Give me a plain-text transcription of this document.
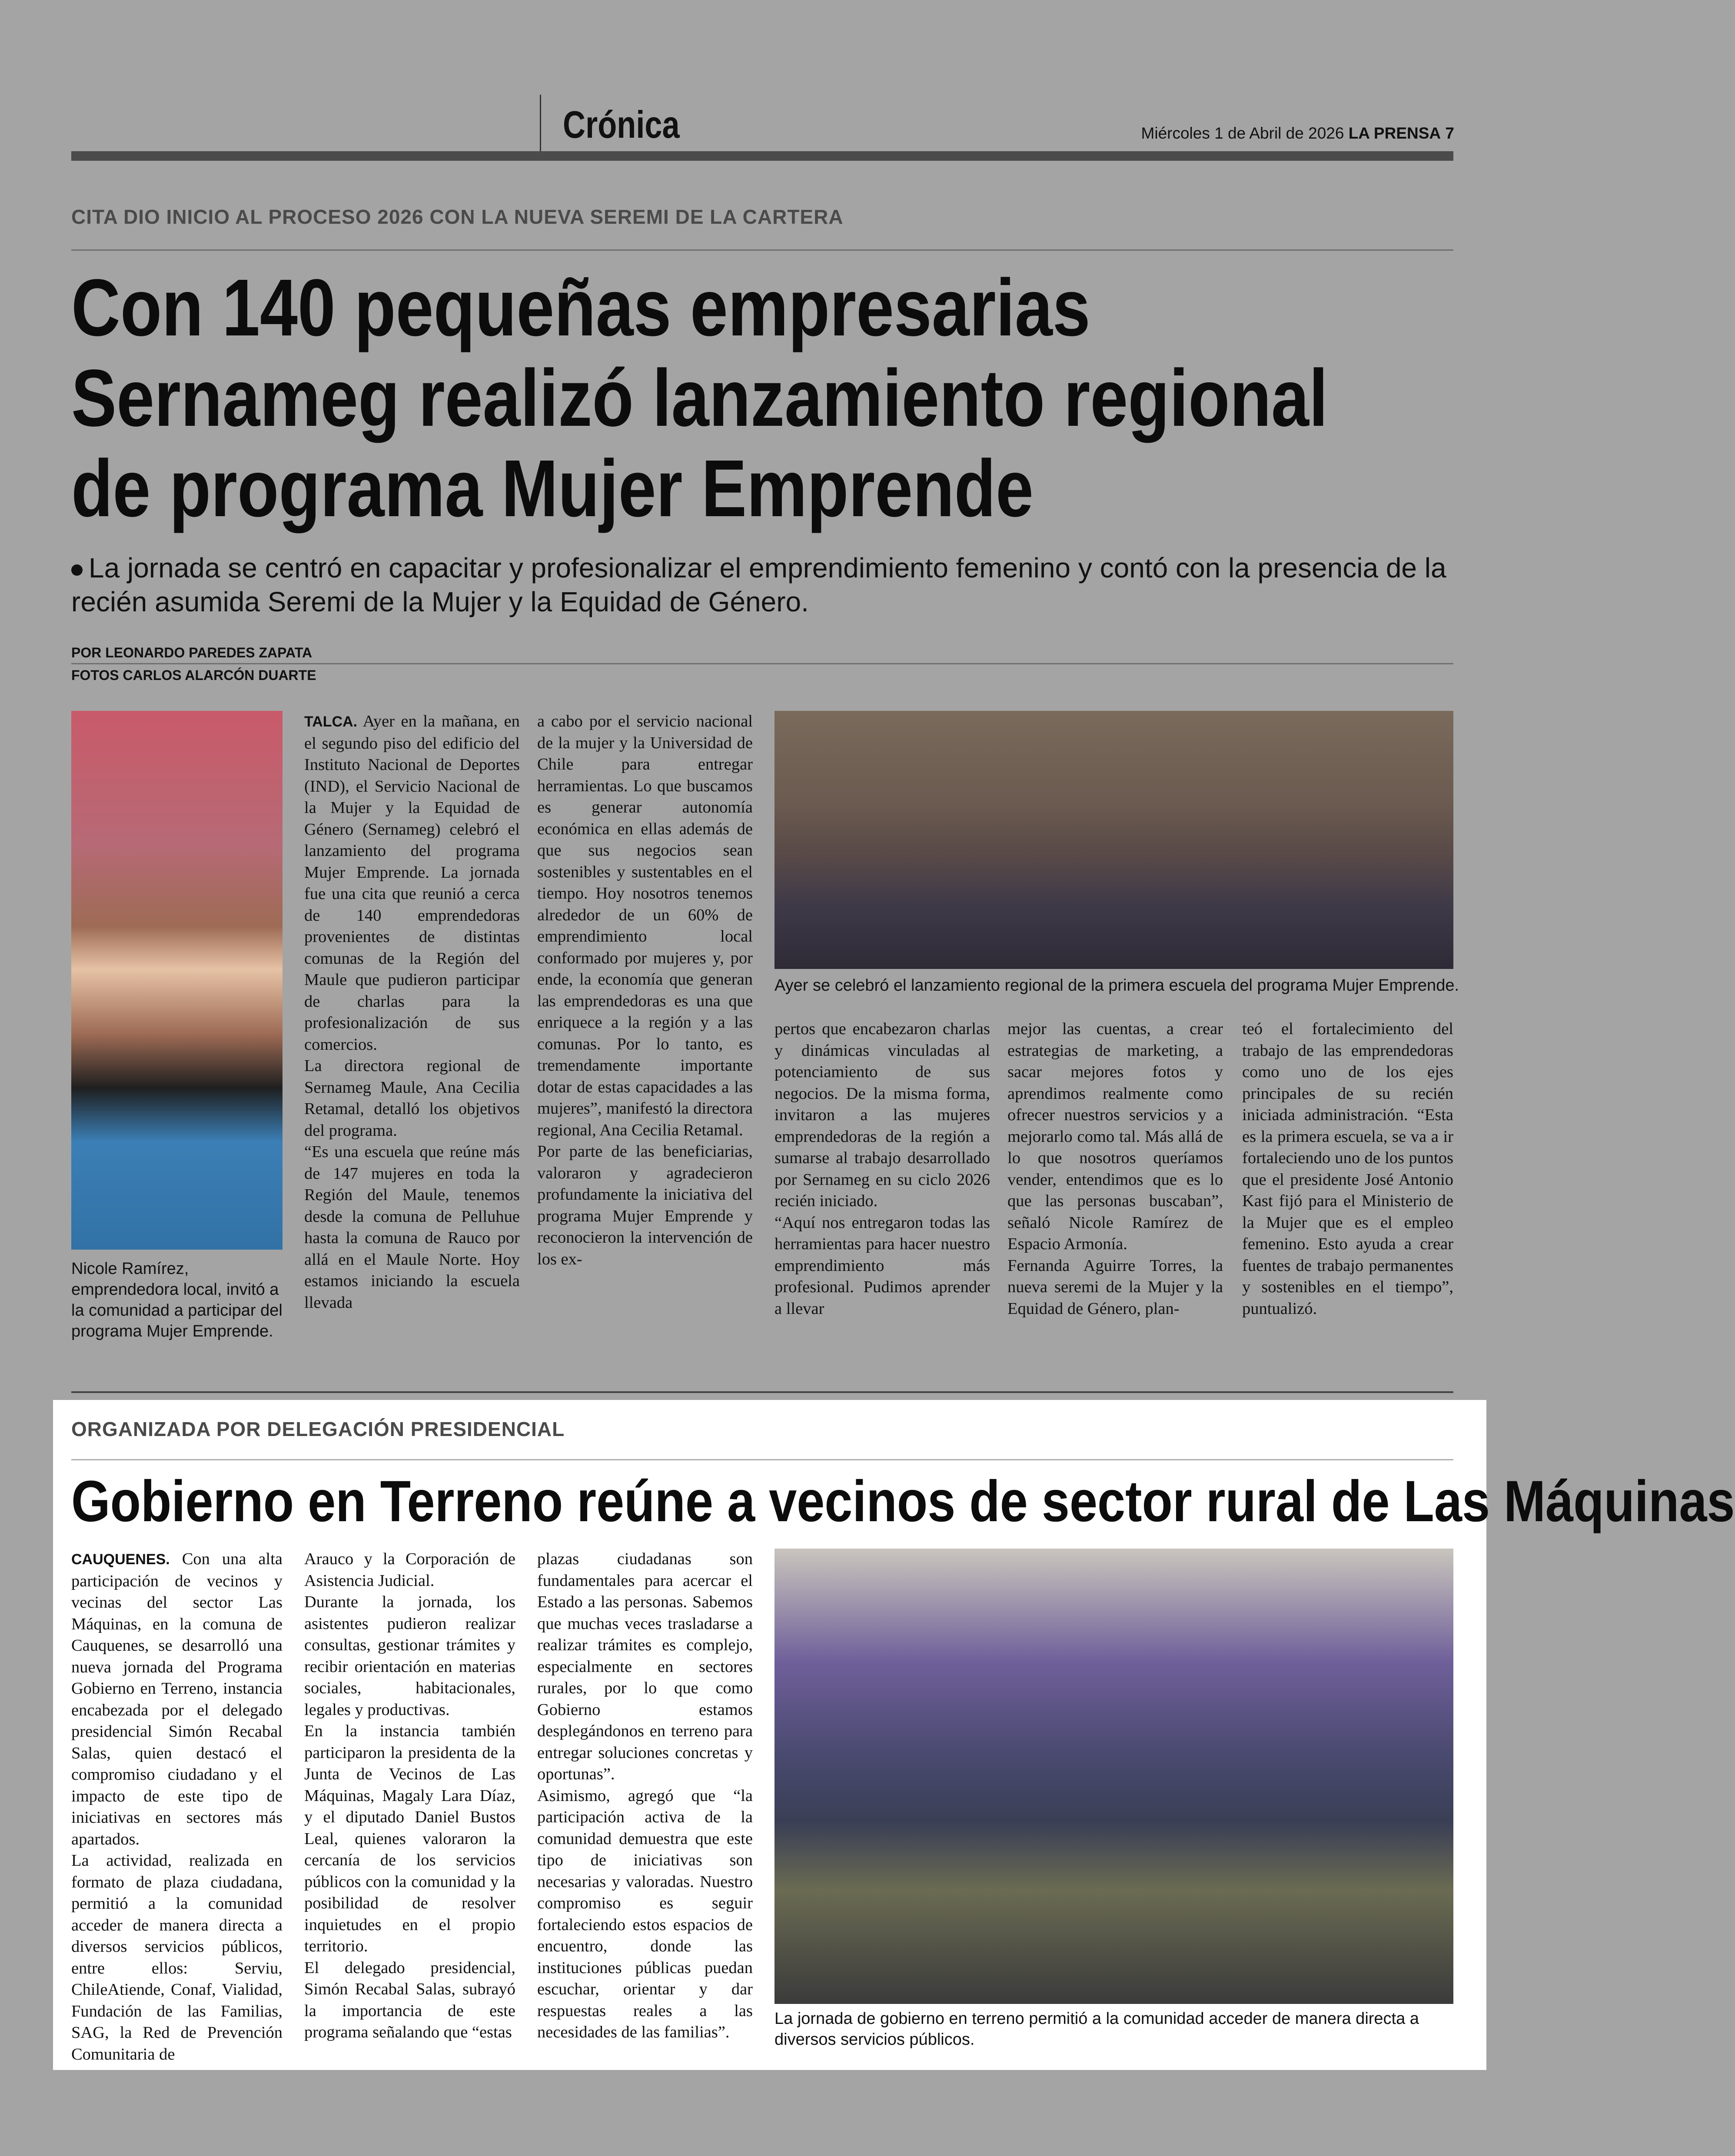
Crónica	Miércoles 1 de Abril de 2026 LA PRENSA 7
CITA DIO INICIO AL PROCESO 2026 CON LA NUEVA SEREMI DE LA CARTERA
Con 140 pequeñas empresarias
Sernameg realizó lanzamiento regional
de programa Mujer Emprende
La jornada se centró en capacitar y profesionalizar el emprendimiento femenino y contó con la presencia de la recién asumida Seremi de la Mujer y la Equidad de Género.
POR LEONARDO PAREDES ZAPATA
FOTOS CARLOS ALARCÓN DUARTE
Nicole Ramírez, emprendedora local, invitó a la comunidad a participar del programa Mujer Emprende.

TALCA. Ayer en la mañana, en el segundo piso del edificio del Instituto Nacional de Deportes (IND), el Servicio Nacional de la Mujer y la Equidad de Género (Sernameg) celebró el lanzamiento del programa Mujer Emprende. La jornada fue una cita que reunió a cerca de 140 emprendedoras provenientes de distintas comunas de la Región del Maule que pudieron participar de charlas para la profesionalización de sus comercios.

La directora regional de Sernameg Maule, Ana Cecilia Retamal, detalló los objetivos del programa.

“Es una escuela que reúne más de 147 mujeres en toda la Región del Maule, tenemos desde la comuna de Pelluhue hasta la comuna de Rauco por allá en el Maule Norte. Hoy estamos iniciando la escuela llevada

a cabo por el servicio nacional de la mujer y la Universidad de Chile para entregar herramientas. Lo que buscamos es generar autonomía económica en ellas además de que sus negocios sean sostenibles y sustentables en el tiempo. Hoy nosotros tenemos alrededor de un 60% de emprendimiento local conformado por mujeres y, por ende, la economía que generan las emprendedoras es una que enriquece a la región y a las comunas. Por lo tanto, es tremendamente importante dotar de estas capacidades a las mujeres”, manifestó la directora regional, Ana Cecilia Retamal.

Por parte de las beneficiarias, valoraron y agradecieron profundamente la iniciativa del programa Mujer Emprende y reconocieron la intervención de los ex-

Ayer se celebró el lanzamiento regional de la primera escuela del programa Mujer Emprende.

pertos que encabezaron charlas y dinámicas vinculadas al potenciamiento de sus negocios. De la misma forma, invitaron a las mujeres emprendedoras de la región a sumarse al trabajo desarrollado por Sernameg en su ciclo 2026 recién iniciado.

“Aquí nos entregaron todas las herramientas para hacer nuestro emprendimiento más profesional. Pudimos aprender a llevar

mejor las cuentas, a crear estrategias de marketing, a sacar mejores fotos y aprendimos realmente como ofrecer nuestros servicios y a mejorarlo como tal. Más allá de lo que nosotros queríamos vender, entendimos que es lo que las personas buscaban”, señaló Nicole Ramírez de Espacio Armonía.

Fernanda Aguirre Torres, la nueva seremi de la Mujer y la Equidad de Género, plan-

teó el fortalecimiento del trabajo de las emprendedoras como uno de los ejes principales de su recién iniciada administración. “Esta es la primera escuela, se va a ir fortaleciendo uno de los puntos que el presidente José Antonio Kast fijó para el Ministerio de la Mujer que es el empleo femenino. Esto ayuda a crear fuentes de trabajo permanentes y sostenibles en el tiempo”, puntualizó.

ORGANIZADA POR DELEGACIÓN PRESIDENCIAL
Gobierno en Terreno reúne a vecinos de sector rural de Las Máquinas

CAUQUENES. Con una alta participación de vecinos y vecinas del sector Las Máquinas, en la comuna de Cauquenes, se desarrolló una nueva jornada del Programa Gobierno en Terreno, instancia encabezada por el delegado presidencial Simón Recabal Salas, quien destacó el compromiso ciudadano y el impacto de este tipo de iniciativas en sectores más apartados.

La actividad, realizada en formato de plaza ciudadana, permitió a la comunidad acceder de manera directa a diversos servicios públicos, entre ellos: Serviu, ChileAtiende, Conaf, Vialidad, Fundación de las Familias, SAG, la Red de Prevención Comunitaria de

Arauco y la Corporación de Asistencia Judicial.

Durante la jornada, los asistentes pudieron realizar consultas, gestionar trámites y recibir orientación en materias sociales, habitacionales, legales y productivas.

En la instancia también participaron la presidenta de la Junta de Vecinos de Las Máquinas, Magaly Lara Díaz, y el diputado Daniel Bustos Leal, quienes valoraron la cercanía de los servicios públicos con la comunidad y la posibilidad de resolver inquietudes en el propio territorio.

El delegado presidencial, Simón Recabal Salas, subrayó la importancia de este programa señalando que “estas

plazas ciudadanas son fundamentales para acercar el Estado a las personas. Sabemos que muchas veces trasladarse a realizar trámites es complejo, especialmente en sectores rurales, por lo que como Gobierno estamos desplegándonos en terreno para entregar soluciones concretas y oportunas”.

Asimismo, agregó que “la participación activa de la comunidad demuestra que este tipo de iniciativas son necesarias y valoradas. Nuestro compromiso es seguir fortaleciendo estos espacios de encuentro, donde las instituciones públicas puedan escuchar, orientar y dar respuestas reales a las necesidades de las familias”.

La jornada de gobierno en terreno permitió a la comunidad acceder de manera directa a diversos servicios públicos.
